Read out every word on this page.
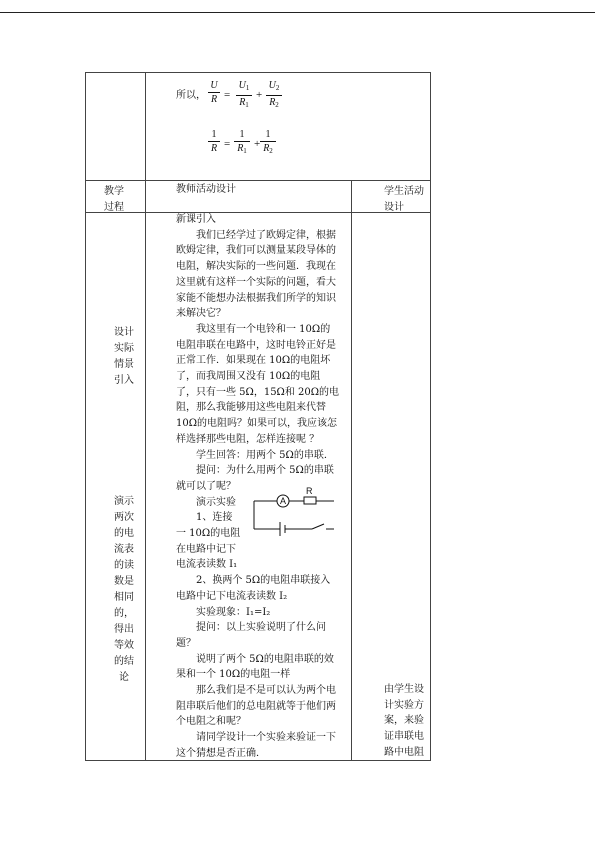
所以，
U
R =
$U_1$
$R_1$
+
$U_2$
$R_2$
1
R =
1
$R_1$
+
1
$R_2$
教学
过程
教师活动设计	学生活动
设计
设计
实际
情景
引入
演示
两次
的电
流表
的读
数是
相同
的，
得出
等效
的结
论
新课引入
　　我们已经学过了欧姆定律，根据
欧姆定律，我们可以测量某段导体的
电阻，解决实际的一些问题．我现在
这里就有这样一个实际的问题，看大
家能不能想办法根据我们所学的知识
来解决它？
　　我这里有一个电铃和一 10Ω的
电阻串联在电路中，这时电铃正好是
正常工作．如果现在 10Ω的电阻坏
了，而我周围又没有 10Ω的电阻
了，只有一些 5Ω，15Ω和 20Ω的电
阻，那么我能够用这些电阻来代替
10Ω的电阻吗？如果可以，我应该怎
样选择那些电阻，怎样连接呢 ？
　　学生回答：用两个 5Ω的串联．
　　提问：为什么用两个 5Ω的串联
就可以了呢？
　　演示实验
　　1、连接
一 10Ω的电阻
在电路中记下
电流表读数 I₁
　　2、换两个 5Ω的电阻串联接入
电路中记下电流表读数 I₂
　　实验现象：I₁=I₂
　　提问：以上实验说明了什么问
题？
　　说明了两个 5Ω的电阻串联的效
果和一个 10Ω的电阻一样
　　那么我们是不是可以认为两个电
阻串联后他们的总电阻就等于他们两
个电阻之和呢？
　　请同学设计一个实验来验证一下
这个猜想是否正确．
由学生设
计实验方
案，来验
证串联电
路中电阻
A
R
